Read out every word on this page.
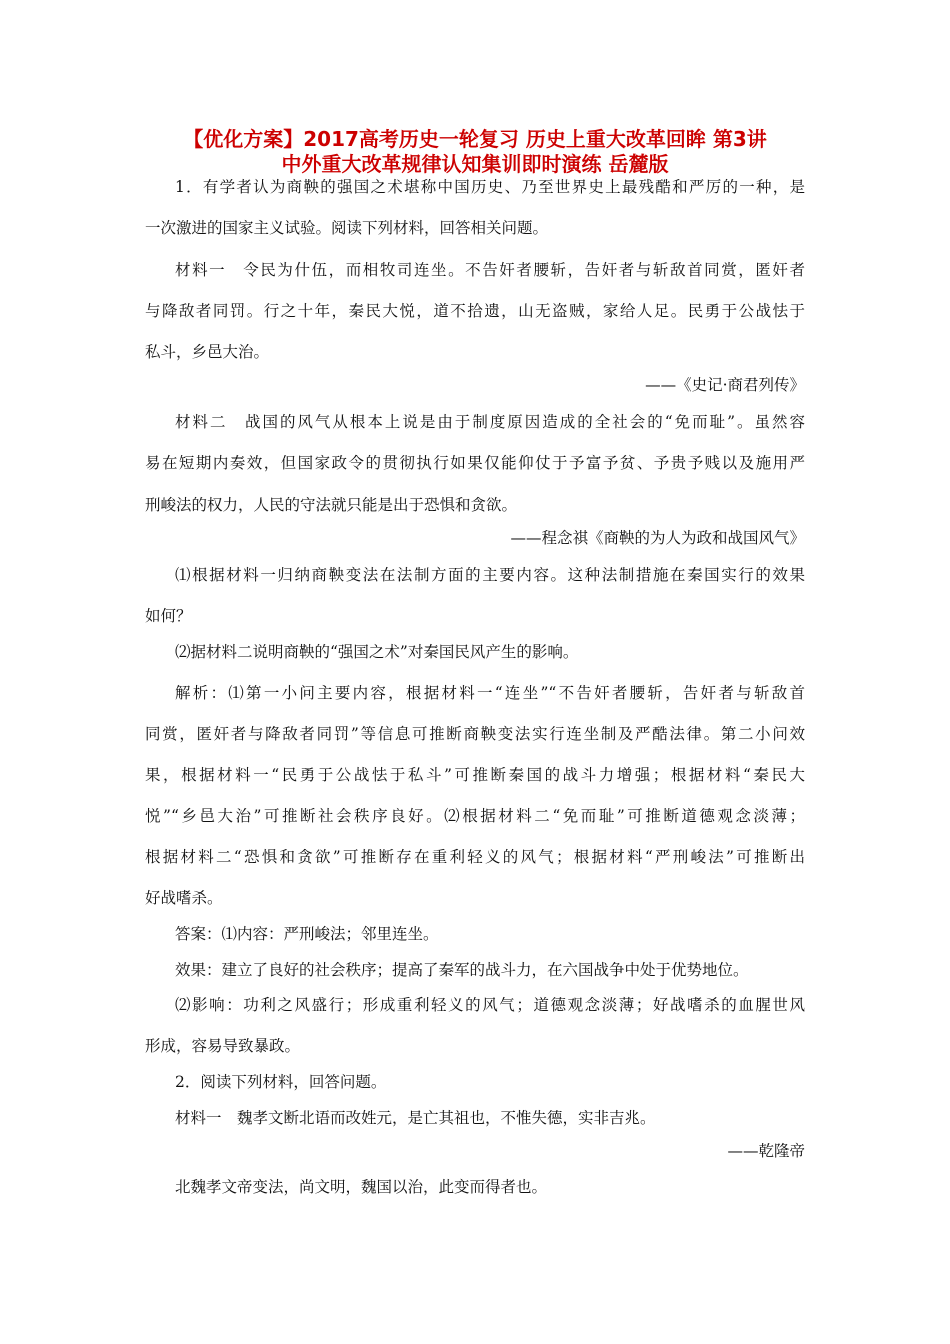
【优化方案】2017高考历史一轮复习 历史上重大改革回眸 第3讲
中外重大改革规律认知集训即时演练 岳麓版

1．有学者认为商鞅的强国之术堪称中国历史、乃至世界史上最残酷和严厉的一种，是

一次激进的国家主义试验。阅读下列材料，回答相关问题。

材料一　令民为什伍，而相牧司连坐。不告奸者腰斩，告奸者与斩敌首同赏，匿奸者

与降敌者同罚。行之十年，秦民大悦，道不拾遗，山无盗贼，家给人足。民勇于公战怯于

私斗，乡邑大治。

——《史记·商君列传》

材料二　战国的风气从根本上说是由于制度原因造成的全社会的“免而耻”。虽然容

易在短期内奏效，但国家政令的贯彻执行如果仅能仰仗于予富予贫、予贵予贱以及施用严

刑峻法的权力，人民的守法就只能是出于恐惧和贪欲。

——程念祺《商鞅的为人为政和战国风气》

⑴根据材料一归纳商鞅变法在法制方面的主要内容。这种法制措施在秦国实行的效果

如何？

⑵据材料二说明商鞅的“强国之术”对秦国民风产生的影响。

解析：⑴第一小问主要内容，根据材料一“连坐”“不告奸者腰斩，告奸者与斩敌首

同赏，匿奸者与降敌者同罚”等信息可推断商鞅变法实行连坐制及严酷法律。第二小问效

果，根据材料一“民勇于公战怯于私斗”可推断秦国的战斗力增强；根据材料“秦民大

悦”“乡邑大治”可推断社会秩序良好。⑵根据材料二“免而耻”可推断道德观念淡薄；

根据材料二“恐惧和贪欲”可推断存在重利轻义的风气；根据材料“严刑峻法”可推断出

好战嗜杀。

答案：⑴内容：严刑峻法；邻里连坐。

效果：建立了良好的社会秩序；提高了秦军的战斗力，在六国战争中处于优势地位。

⑵影响：功利之风盛行；形成重利轻义的风气；道德观念淡薄；好战嗜杀的血腥世风

形成，容易导致暴政。

2．阅读下列材料，回答问题。

材料一　魏孝文断北语而改姓元，是亡其祖也，不惟失德，实非吉兆。

——乾隆帝

北魏孝文帝变法，尚文明，魏国以治，此变而得者也。
